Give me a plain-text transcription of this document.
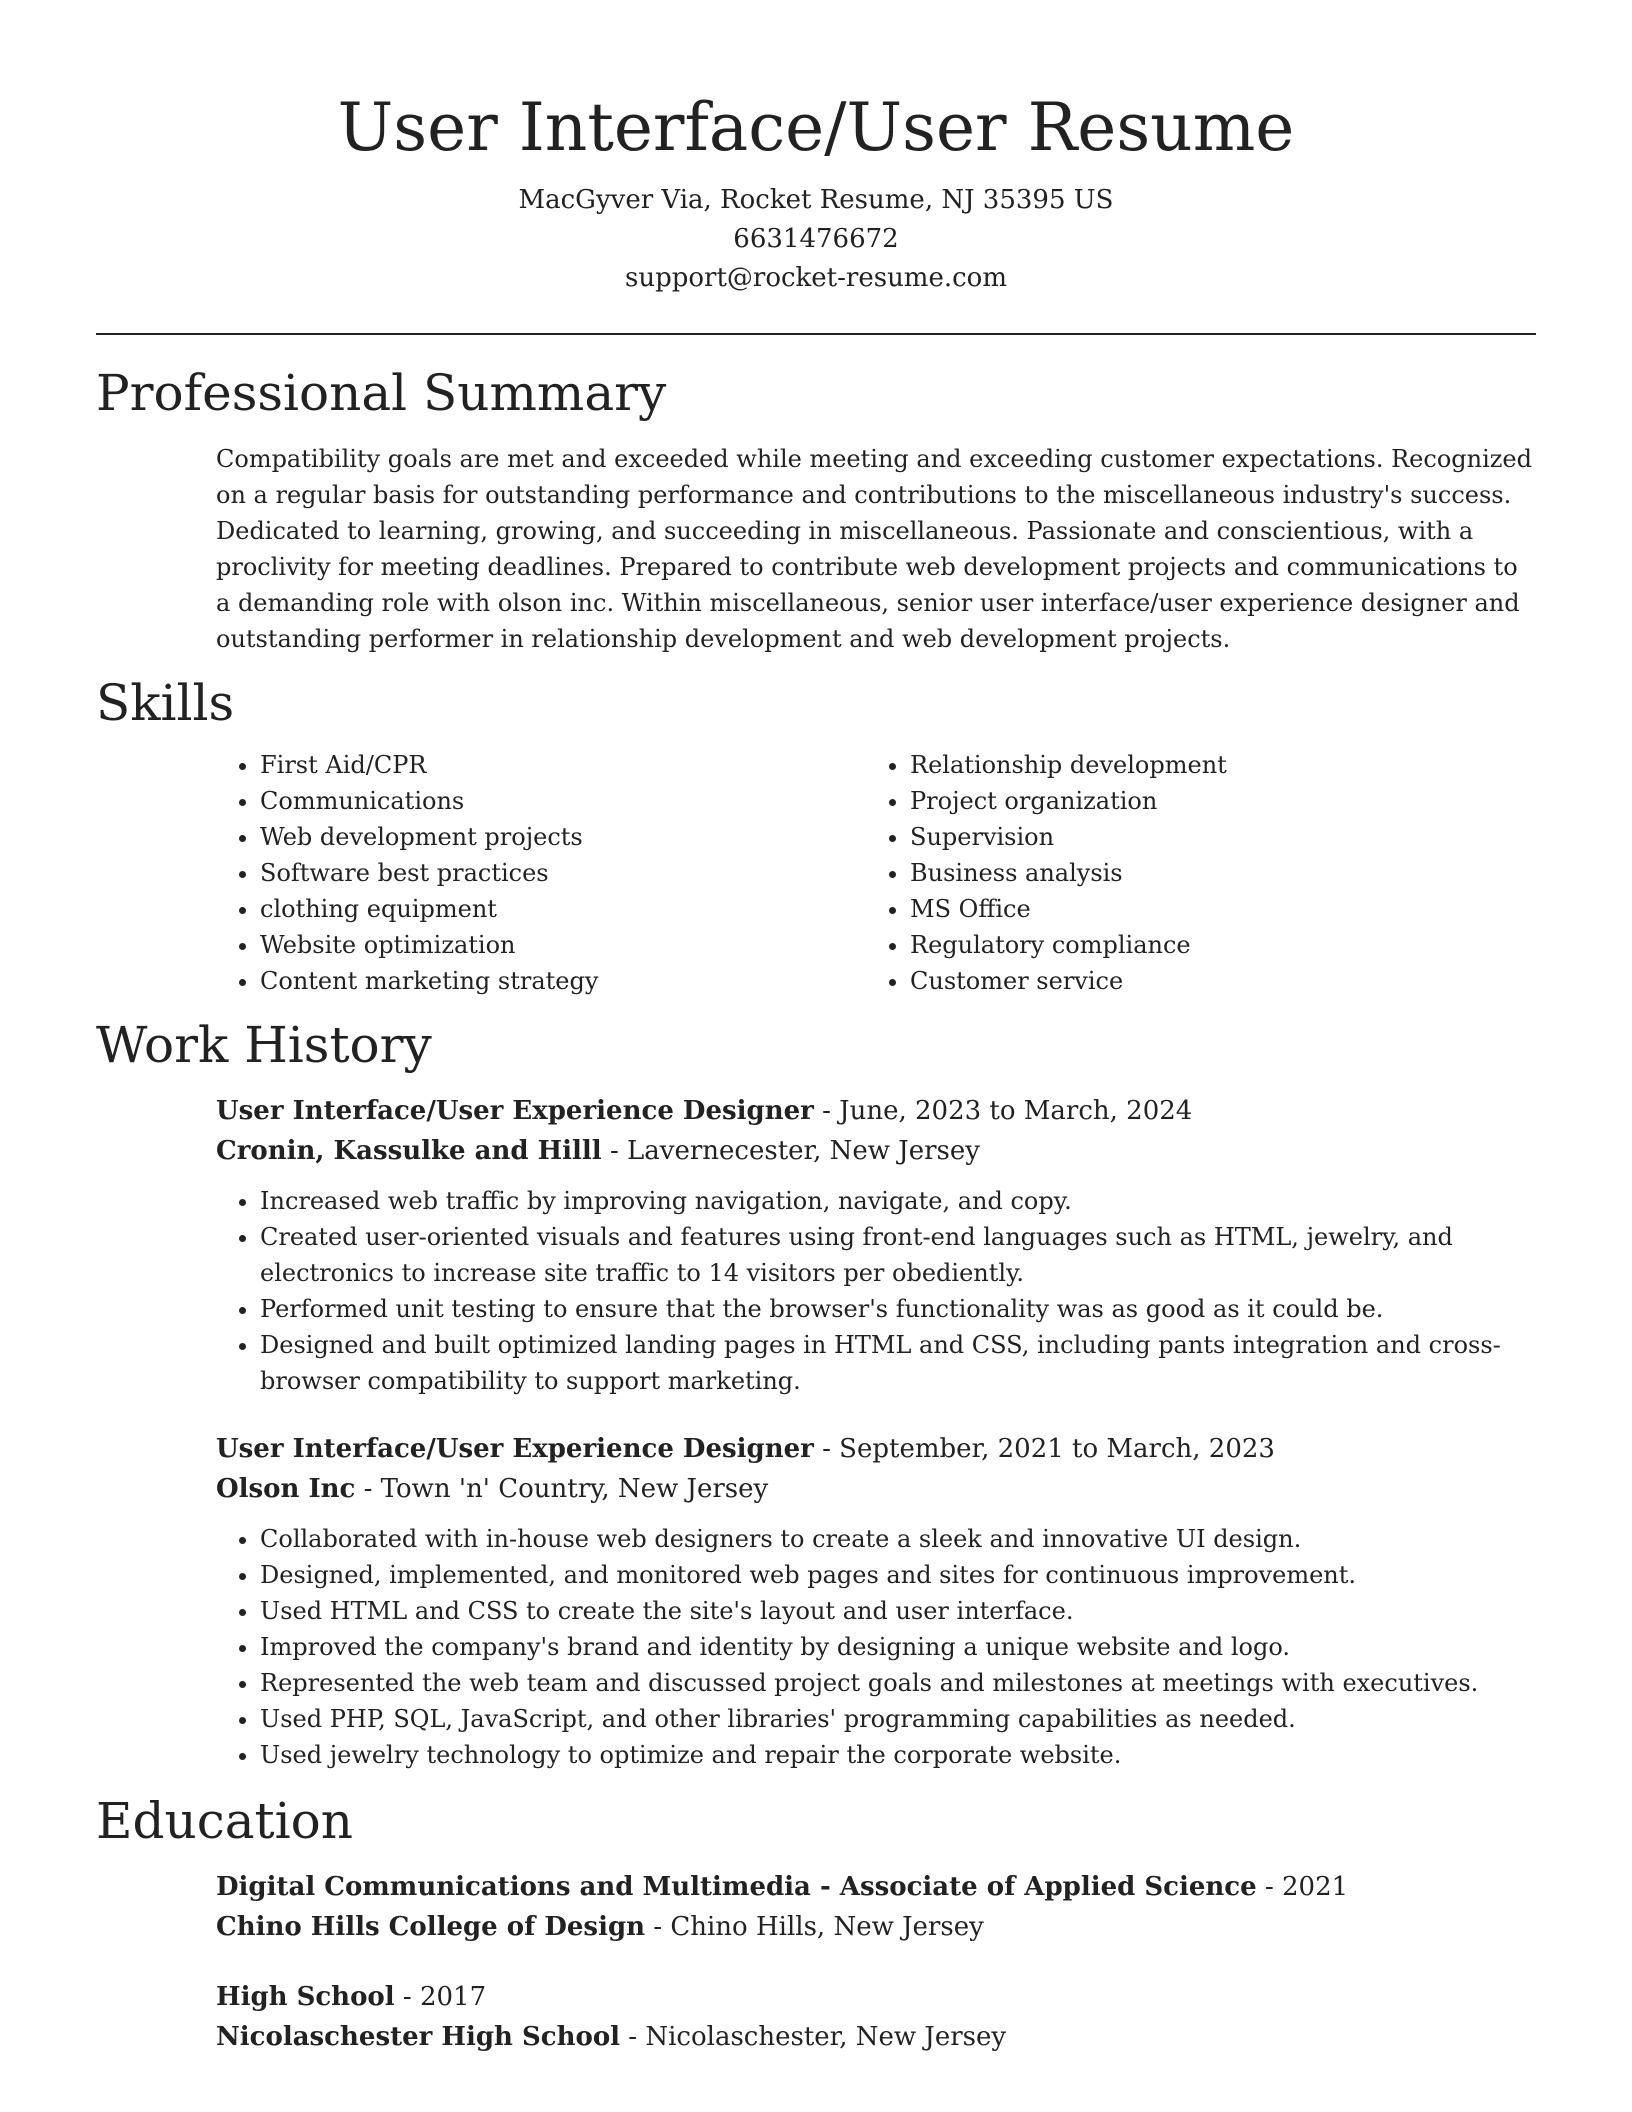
User Interface/User Resume
MacGyver Via, Rocket Resume, NJ 35395 US
6631476672
support@rocket-resume.com
Professional Summary

Compatibility goals are met and exceeded while meeting and exceeding customer expectations. Recognized on a regular basis for outstanding performance and contributions to the miscellaneous industry's success. Dedicated to learning, growing, and succeeding in miscellaneous. Passionate and conscientious, with a proclivity for meeting deadlines. Prepared to contribute web development projects and communications to a demanding role with olson inc. Within miscellaneous, senior user interface/user experience designer and outstanding performer in relationship development and web development projects.

Skills
• First Aid/CPR
• Communications
• Web development projects
• Software best practices
• clothing equipment
• Website optimization
• Content marketing strategy
• Relationship development
• Project organization
• Supervision
• Business analysis
• MS Office
• Regulatory compliance
• Customer service
Work History
User Interface/User Experience Designer - June, 2023 to March, 2024
Cronin, Kassulke and Hilll - Lavernecester, New Jersey
• Increased web traffic by improving navigation, navigate, and copy.
• Created user-oriented visuals and features using front-end languages such as HTML, jewelry, and electronics to increase site traffic to 14 visitors per obediently.
• Performed unit testing to ensure that the browser's functionality was as good as it could be.
• Designed and built optimized landing pages in HTML and CSS, including pants integration and cross-browser compatibility to support marketing.
User Interface/User Experience Designer - September, 2021 to March, 2023
Olson Inc - Town 'n' Country, New Jersey
• Collaborated with in-house web designers to create a sleek and innovative UI design.
• Designed, implemented, and monitored web pages and sites for continuous improvement.
• Used HTML and CSS to create the site's layout and user interface.
• Improved the company's brand and identity by designing a unique website and logo.
• Represented the web team and discussed project goals and milestones at meetings with executives.
• Used PHP, SQL, JavaScript, and other libraries' programming capabilities as needed.
• Used jewelry technology to optimize and repair the corporate website.
Education
Digital Communications and Multimedia - Associate of Applied Science - 2021
Chino Hills College of Design - Chino Hills, New Jersey
High School - 2017
Nicolaschester High School - Nicolaschester, New Jersey
